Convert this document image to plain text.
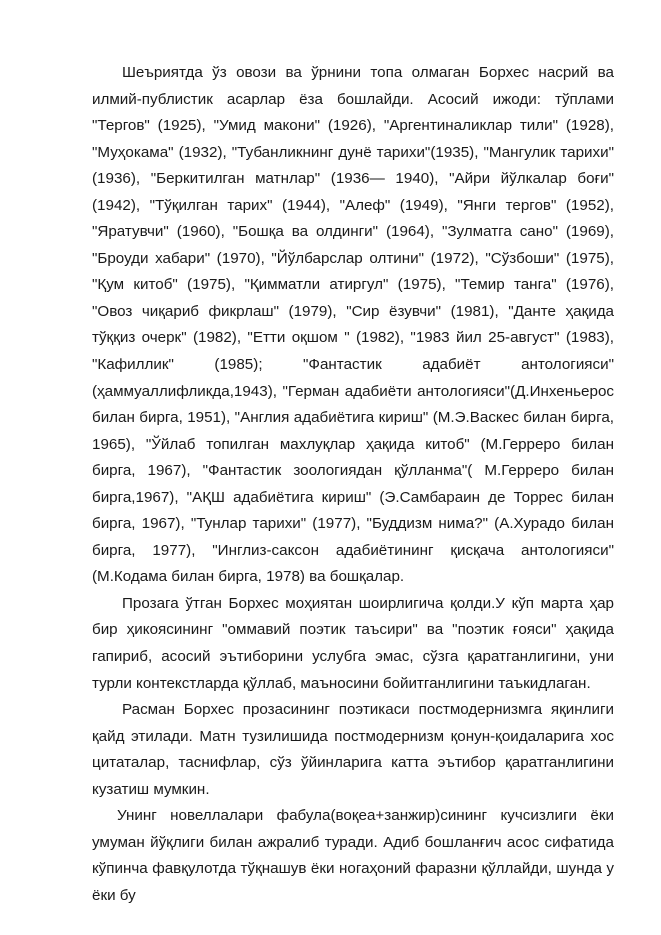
Шеъриятда ўз овози ва ўрнини топа олмаган Борхес насрий ва илмий-публистик асарлар ёза бошлайди. Асосий ижоди: тўплами "Тергов" (1925), "Умид макони" (1926), "Аргентиналиклар тили" (1928), "Муҳокама" (1932), "Тубанликнинг дунё тарихи"(1935), "Мангулик тарихи" (1936), "Беркитилган матнлар" (1936— 1940), "Айри йўлкалар боғи" (1942), "Тўқилган тарих" (1944), "Алеф" (1949), "Янги тергов" (1952), "Яратувчи" (1960), "Бошқа ва олдинги" (1964), "Зулматга сано" (1969), "Броуди хабари" (1970), "Йўлбарслар олтини" (1972), "Сўзбоши" (1975), "Қум китоб" (1975), "Қимматли атиргул" (1975), "Темир танга" (1976), "Овоз чиқариб фикрлаш" (1979), "Сир ёзувчи" (1981), "Данте ҳақида тўққиз очерк" (1982), "Етти оқшом " (1982), "1983 йил 25-август" (1983), "Кафиллик" (1985); "Фантастик адабиёт антологияси" (ҳаммуаллифликда,1943), "Герман адабиёти антологияси"(Д.Инхеньерос билан бирга, 1951), "Англия адабиётига кириш" (М.Э.Васкес билан бирга, 1965), "Ўйлаб топилган махлуқлар ҳақида китоб" (М.Герреро билан бирга, 1967), "Фантастик зоологиядан қўлланма"( М.Герреро билан бирга,1967), "АҚШ адабиётига кириш" (Э.Самбараин де Торрес билан бирга, 1967), "Тунлар тарихи" (1977), "Буддизм нима?" (А.Хурадо билан бирга, 1977), "Инглиз-саксон адабиётининг қисқача антологияси" (М.Кодама билан бирга, 1978) ва бошқалар.

Прозага ўтган Борхес моҳиятан шоирлигича қолди.У кўп марта ҳар бир ҳикоясининг "оммавий поэтик таъсири" ва "поэтик ғояси" ҳақида гапириб, асосий эътиборини услубга эмас, сўзга қаратганлигини, уни турли контекстларда қўллаб, маъносини бойитганлигини таъкидлаган.

Расман Борхес прозасининг поэтикаси постмодернизмга яқинлиги қайд этилади. Матн тузилишида постмодернизм қонун-қоидаларига хос цитаталар, таснифлар, сўз ўйинларига катта эътибор қаратганлигини кузатиш мумкин.

Унинг новеллалари фабула(воқеа+занжир)сининг кучсизлиги ёки умуман йўқлиги билан ажралиб туради. Адиб бошланғич асос сифатида кўпинча фавқулотда тўқнашув ёки ногаҳоний фаразни қўллайди, шунда у ёки бу
